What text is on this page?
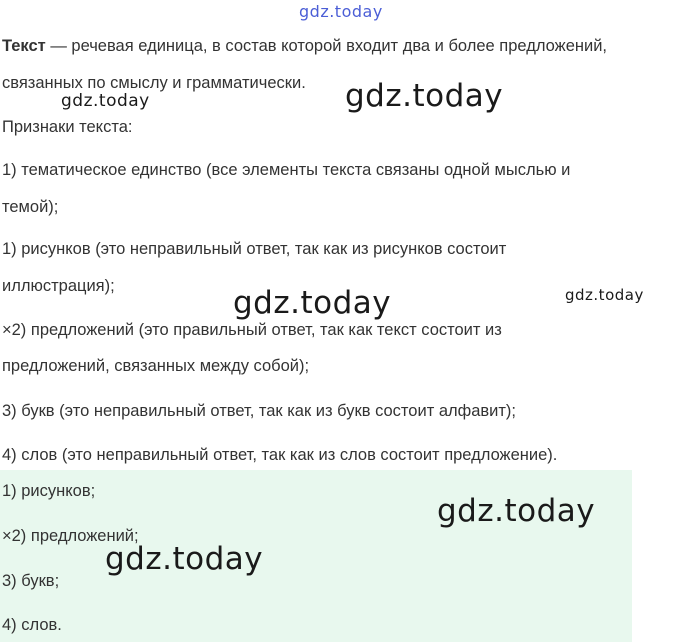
gdz.today
gdz.today	gdz.today
gdz.today	gdz.today
gdz.today
gdz.today
Текст — речевая единица, в состав которой входит два и более предложений,
связанных по смыслу и грамматически.
Признаки текста:
1) тематическое единство (все элементы текста связаны одной мыслью и
темой);
1) рисунков (это неправильный ответ, так как из рисунков состоит
иллюстрация);
×2) предложений (это правильный ответ, так как текст состоит из
предложений, связанных между собой);
3) букв (это неправильный ответ, так как из букв состоит алфавит);
4) слов (это неправильный ответ, так как из слов состоит предложение).
1) рисунков;
×2) предложений;
3) букв;
4) слов.
